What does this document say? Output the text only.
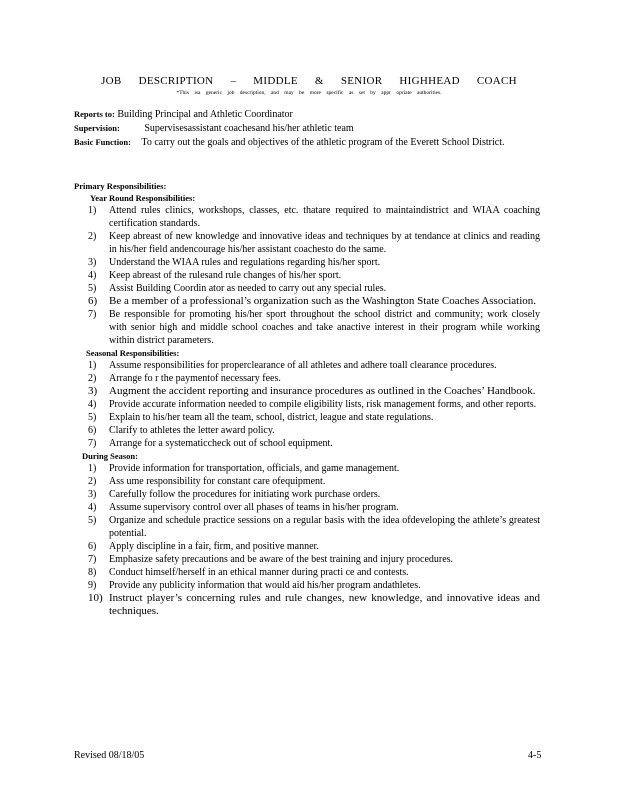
JOB DESCRIPTION – MIDDLE & SENIOR HIGHHEAD COACH
*This isa generic job description, and may be more specific as set by appr opriate authorities.
Reports to: Building Principal and Athletic Coordinator
Supervision: Supervisesassistant coachesand his/her athletic team
Basic Function: To carry out the goals and objectives of the athletic program of the Everett School District.
Primary Responsibilities:
Year Round Responsibilities:
1) Attend rules clinics, workshops, classes, etc. thatare required to maintaindistrict and WIAA coaching certification standards.
2) Keep abreast of new knowledge and innovative ideas and techniques by at tendance at clinics and reading in his/her field andencourage his/her assistant coachesto do the same.
3) Understand the WIAA rules and regulations regarding his/her sport.
4) Keep abreast of the rulesand rule changes of his/her sport.
5) Assist Building Coordin ator as needed to carry out any special rules.
6) Be a member of a professional’s organization such as the Washington State Coaches Association.
7) Be responsible for promoting his/her sport throughout the school district and community; work closely with senior high and middle school coaches and take anactive interest in their program while working within district parameters.
Seasonal Responsibilities:
1) Assume responsibilities for properclearance of all athletes and adhere toall clearance procedures.
2) Arrange fo r the paymentof necessary fees.
3) Augment the accident reporting and insurance procedures as outlined in the Coaches’ Handbook.
4) Provide accurate information needed to compile eligibility lists, risk management forms, and other reports.
5) Explain to his/her team all the team, school, district, league and state regulations.
6) Clarify to athletes the letter award policy.
7) Arrange for a systematiccheck out of school equipment.
During Season:
1) Provide information for transportation, officials, and game management.
2) Ass ume responsibility for constant care ofequipment.
3) Carefully follow the procedures for initiating work purchase orders.
4) Assume supervisory control over all phases of teams in his/her program.
5) Organize and schedule practice sessions on a regular basis with the idea ofdeveloping the athlete’s greatest potential.
6) Apply discipline in a fair, firm, and positive manner.
7) Emphasize safety precautions and be aware of the best training and injury procedures.
8) Conduct himself/herself in an ethical manner during practi ce and contests.
9) Provide any publicity information that would aid his/her program andathletes.
10) Instruct player’s concerning rules and rule changes, new knowledge, and innovative ideas and techniques.
Revised 08/18/05	4-5
